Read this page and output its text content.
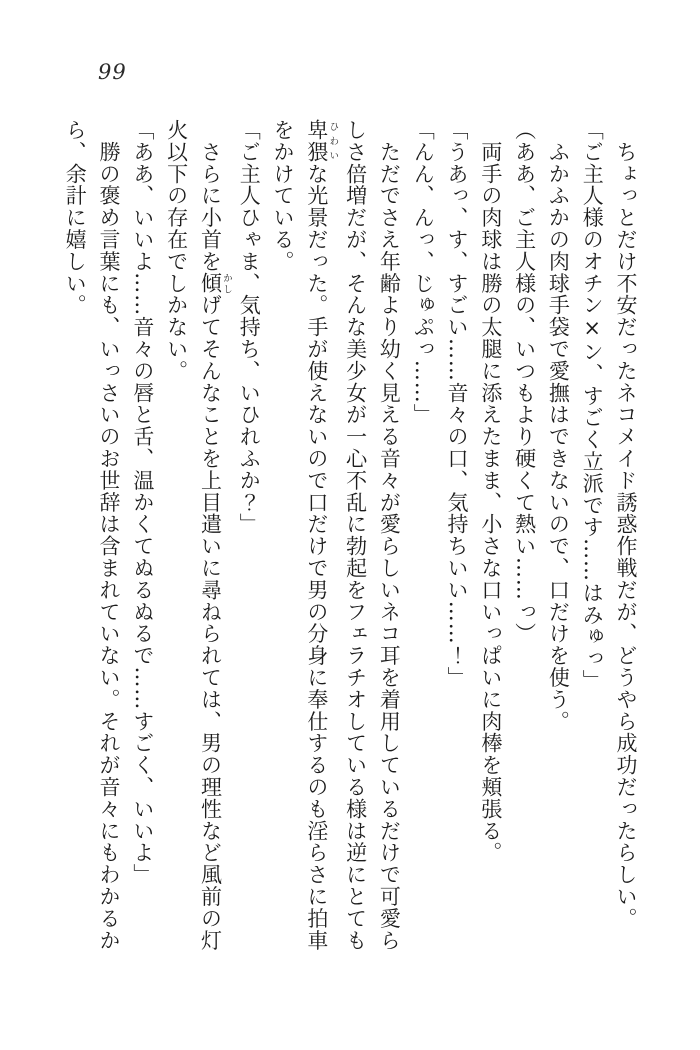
99

　ちょっとだけ不安だったネコメイド誘惑作戦だが、どうやら成功だったらしい。

「ご主人様のオチン×ン、すごく立派です……はみゅっ」

　ふかふかの肉球手袋で愛撫はできないので、口だけを使う。

（ああ、ご主人様の、いつもより硬くて熱い……っ）

　両手の肉球は勝の太腿に添えたまま、小さな口いっぱいに肉棒を頬張る。

「うあっ、す、すごい……音々の口、気持ちいい……！」

「んん、んっ、じゅぷっ……」

　ただでさえ年齢より幼く見える音々が愛らしいネコ耳を着用しているだけで可愛ら

しさ倍増だが、そんな美少女が一心不乱に勃起をフェラチオしている様は逆にとても

卑猥ひわいな光景だった。手が使えないので口だけで男の分身に奉仕するのも淫らさに拍車

をかけている。

「ご主人ひゃま、気持ち、いひれふか？」

　さらに小首を傾かしげてそんなことを上目遣いに尋ねられては、男の理性など風前の灯

火以下の存在でしかない。

「ああ、いいよ……音々の唇と舌、温かくてぬるぬるで……すごく、いいよ」

　勝の褒め言葉にも、いっさいのお世辞は含まれていない。それが音々にもわかるか

ら、余計に嬉しい。
